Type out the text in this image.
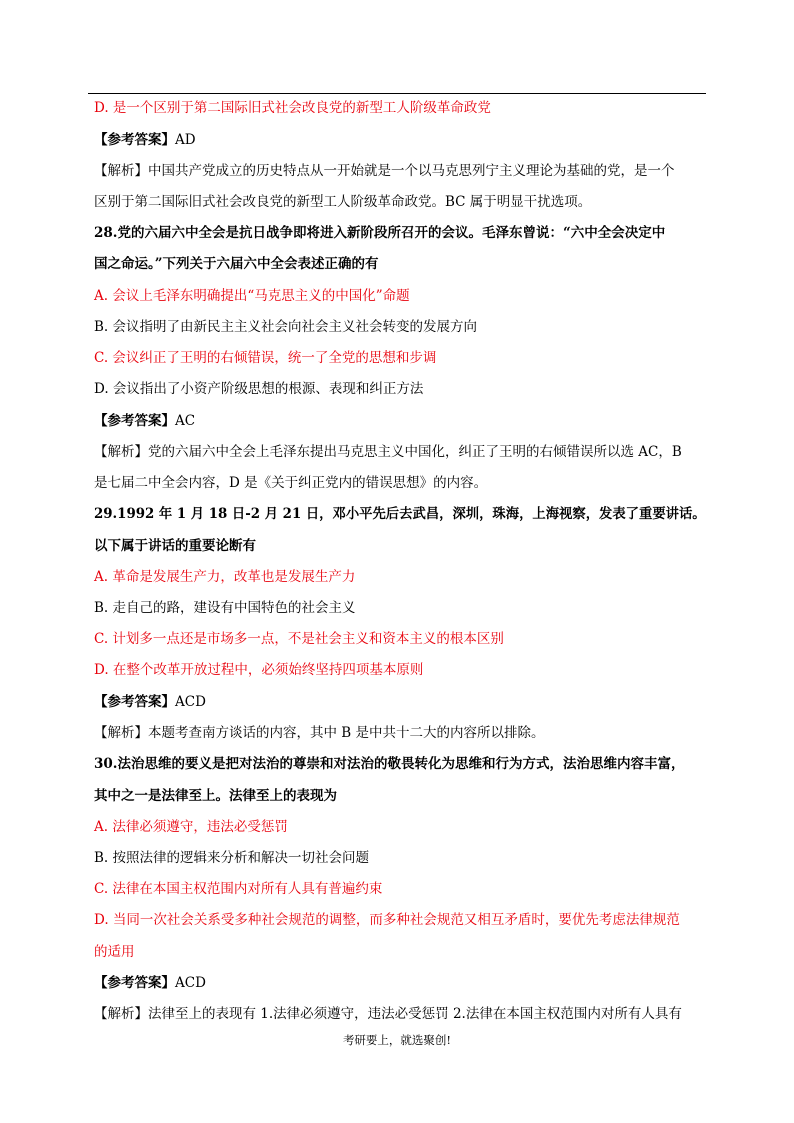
D. 是一个区别于第二国际旧式社会改良党的新型工人阶级革命政党
【参考答案】AD
【解析】中国共产党成立的历史特点从一开始就是一个以马克思列宁主义理论为基础的党，是一个
区别于第二国际旧式社会改良党的新型工人阶级革命政党。BC 属于明显干扰选项。
28.党的六届六中全会是抗日战争即将进入新阶段所召开的会议。毛泽东曾说：“六中全会决定中
国之命运。”下列关于六届六中全会表述正确的有
A. 会议上毛泽东明确提出“马克思主义的中国化”命题
B. 会议指明了由新民主主义社会向社会主义社会转变的发展方向
C. 会议纠正了王明的右倾错误，统一了全党的思想和步调
D. 会议指出了小资产阶级思想的根源、表现和纠正方法
【参考答案】AC
【解析】党的六届六中全会上毛泽东提出马克思主义中国化，纠正了王明的右倾错误所以选 AC，B
是七届二中全会内容，D 是《关于纠正党内的错误思想》的内容。
29.1992 年 1 月 18 日-2 月 21 日，邓小平先后去武昌，深圳，珠海，上海视察，发表了重要讲话。
以下属于讲话的重要论断有
A. 革命是发展生产力，改革也是发展生产力
B. 走自己的路，建设有中国特色的社会主义
C. 计划多一点还是市场多一点，不是社会主义和资本主义的根本区别
D. 在整个改革开放过程中，必须始终坚持四项基本原则
【参考答案】ACD
【解析】本题考查南方谈话的内容，其中 B 是中共十二大的内容所以排除。
30.法治思维的要义是把对法治的尊崇和对法治的敬畏转化为思维和行为方式，法治思维内容丰富，
其中之一是法律至上。法律至上的表现为
A. 法律必须遵守，违法必受惩罚
B. 按照法律的逻辑来分析和解决一切社会问题
C. 法律在本国主权范围内对所有人具有普遍约束
D. 当同一次社会关系受多种社会规范的调整，而多种社会规范又相互矛盾时，要优先考虑法律规范
的适用
【参考答案】ACD
【解析】法律至上的表现有 1.法律必须遵守，违法必受惩罚 2.法律在本国主权范围内对所有人具有
考研要上，就选聚创!
